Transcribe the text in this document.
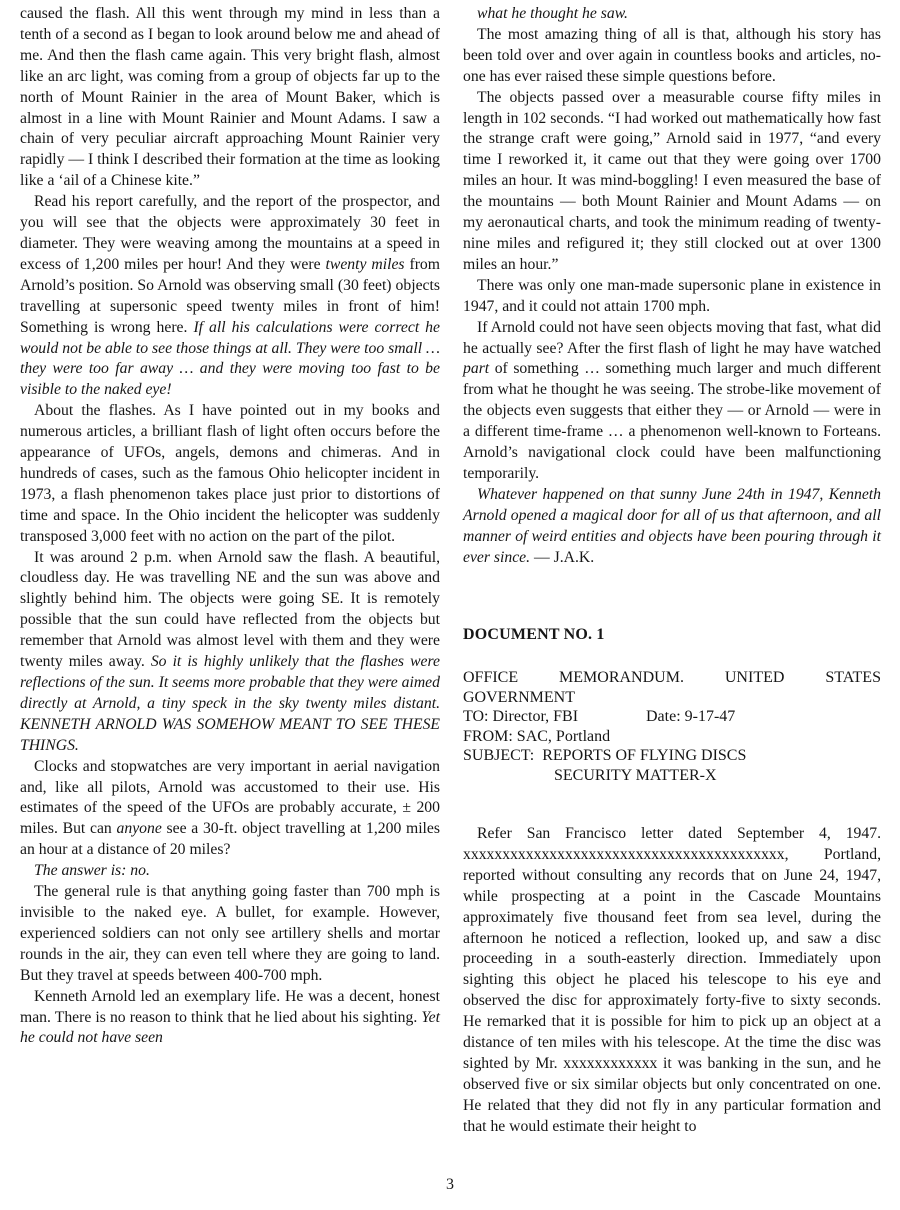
caused the flash. All this went through my mind in less than a tenth of a second as I began to look around below me and ahead of me. And then the flash came again. This very bright flash, almost like an arc light, was coming from a group of objects far up to the north of Mount Rainier in the area of Mount Baker, which is almost in a line with Mount Rainier and Mount Adams. I saw a chain of very peculiar aircraft approaching Mount Rainier very rapidly — I think I described their formation at the time as looking like a ‘ail of a Chinese kite.”

Read his report carefully, and the report of the prospector, and you will see that the objects were approximately 30 feet in diameter. They were weaving among the mountains at a speed in excess of 1,200 miles per hour! And they were twenty miles from Arnold’s position. So Arnold was observing small (30 feet) objects travelling at supersonic speed twenty miles in front of him! Something is wrong here. If all his calculations were correct he would not be able to see those things at all. They were too small … they were too far away … and they were moving too fast to be visible to the naked eye!

About the flashes. As I have pointed out in my books and numerous articles, a brilliant flash of light often occurs before the appearance of UFOs, angels, demons and chimeras. And in hundreds of cases, such as the famous Ohio helicopter incident in 1973, a flash phenomenon takes place just prior to distortions of time and space. In the Ohio incident the helicopter was suddenly transposed 3,000 feet with no action on the part of the pilot.

It was around 2 p.m. when Arnold saw the flash. A beautiful, cloudless day. He was travelling NE and the sun was above and slightly behind him. The objects were going SE. It is remotely possible that the sun could have reflected from the objects but remember that Arnold was almost level with them and they were twenty miles away. So it is highly unlikely that the flashes were reflections of the sun. It seems more probable that they were aimed directly at Arnold, a tiny speck in the sky twenty miles distant. KENNETH ARNOLD WAS SOMEHOW MEANT TO SEE THESE THINGS.

Clocks and stopwatches are very important in aerial navigation and, like all pilots, Arnold was accustomed to their use. His estimates of the speed of the UFOs are probably accurate, ± 200 miles. But can anyone see a 30-ft. object travelling at 1,200 miles an hour at a distance of 20 miles?

The answer is: no.

The general rule is that anything going faster than 700 mph is invisible to the naked eye. A bullet, for example. However, experienced soldiers can not only see artillery shells and mortar rounds in the air, they can even tell where they are going to land. But they travel at speeds between 400-700 mph.

Kenneth Arnold led an exemplary life. He was a decent, honest man. There is no reason to think that he lied about his sighting. Yet he could not have seen

what he thought he saw.

The most amazing thing of all is that, although his story has been told over and over again in countless books and articles, no-one has ever raised these simple questions before.

The objects passed over a measurable course fifty miles in length in 102 seconds. “I had worked out mathematically how fast the strange craft were going,” Arnold said in 1977, “and every time I reworked it, it came out that they were going over 1700 miles an hour. It was mind-boggling! I even measured the base of the mountains — both Mount Rainier and Mount Adams — on my aeronautical charts, and took the minimum reading of twenty-nine miles and refigured it; they still clocked out at over 1300 miles an hour.”

There was only one man-made supersonic plane in existence in 1947, and it could not attain 1700 mph.

If Arnold could not have seen objects moving that fast, what did he actually see? After the first flash of light he may have watched part of something … something much larger and much different from what he thought he was seeing. The strobe-like movement of the objects even suggests that either they — or Arnold — were in a different time-frame … a phenomenon well-known to Forteans. Arnold’s navigational clock could have been malfunctioning temporarily.

Whatever happened on that sunny June 24th in 1947, Kenneth Arnold opened a magical door for all of us that afternoon, and all manner of weird entities and objects have been pouring through it ever since. — J.A.K.

DOCUMENT NO. 1
OFFICE	MEMORANDUM.	UNITED	STATES
GOVERNMENT
TO: Director, FBI	Date: 9-17-47
FROM: SAC, Portland
SUBJECT:  REPORTS OF FLYING DISCS
SECURITY MATTER-X

Refer San Francisco letter dated September 4, 1947. xxxxxxxxxxxxxxxxxxxxxxxxxxxxxxxxxxxxxxxxx, Portland, reported without consulting any records that on June 24, 1947, while prospecting at a point in the Cascade Mountains approximately five thousand feet from sea level, during the afternoon he noticed a reflection, looked up, and saw a disc proceeding in a south-easterly direction. Immediately upon sighting this object he placed his telescope to his eye and observed the disc for approximately forty-five to sixty seconds. He remarked that it is possible for him to pick up an object at a distance of ten miles with his telescope. At the time the disc was sighted by Mr. xxxxxxxxxxxx it was banking in the sun, and he observed five or six similar objects but only concentrated on one. He related that they did not fly in any particular formation and that he would estimate their height to

3
